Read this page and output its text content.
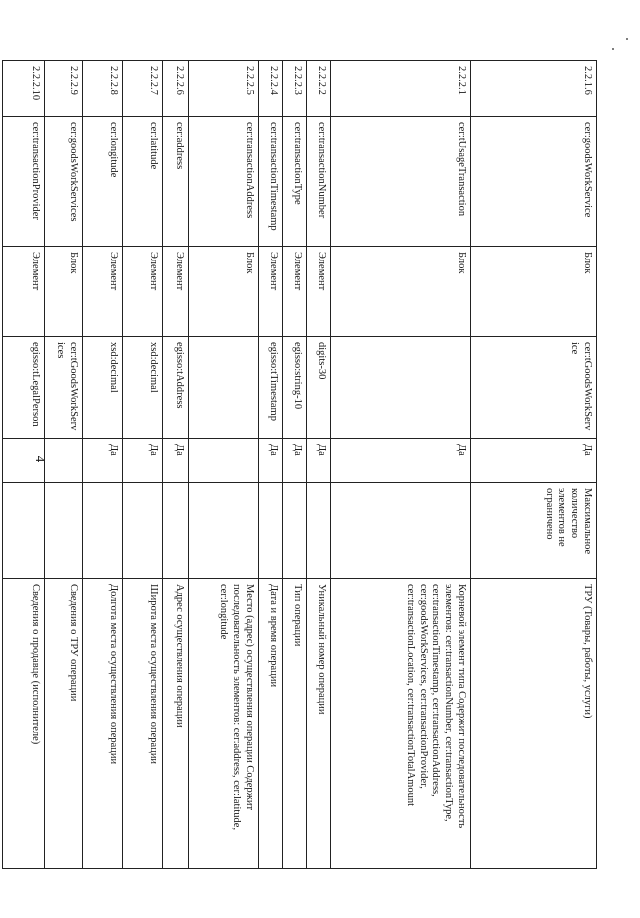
4
2.2.1.6	cer:goodsWorkService	Блок	cer:tGoodsWorkService	Да	Максимальное количество элементов не ограничено	ТРУ (Товары, работы, услуги)
2.2.2.1	cer:tUsageTransaction	Блок		Да		Корневой элемент типа Содержит последовательность элементов: cer:transactionNumber, cer:transactionType, cer:transactionTimestamp, cer:transactionAddress, cer:goodsWorkServices, cer:transactionProvider, cer:transactionLocation, cer:transactionTotalAmount
2.2.2.2	cer:transactionNumber	Элемент	digits-30	Да		Уникальный номер операции
2.2.2.3	cer:transactionType	Элемент	egisso:string-10	Да		Тип операции
2.2.2.4	cer:transactionTimestamp	Элемент	egisso:tTimestamp	Да		Дата и время операции
2.2.2.5	cer:transactionAddress	Блок				Место (адрес) осуществления операции Содержит последовательность элементов: cer:address, cer:latitude, cer:longitude
2.2.2.6	cer:address	Элемент	egisso:tAddress	Да		Адрес осуществления операции
2.2.2.7	cer:latitude	Элемент	xsd:decimal	Да		Широта места осуществления операции
2.2.2.8	cer:longitude	Элемент	xsd:decimal	Да		Долгота места осуществления операции
2.2.2.9	cer:goodsWorkServices	Блок	cer:tGoodsWorkServices			Сведения о ТРУ операции
2.2.2.10	cer:transactionProvider	Элемент	egisso:tLegalPerson			Сведения о продавце (исполнителе)
